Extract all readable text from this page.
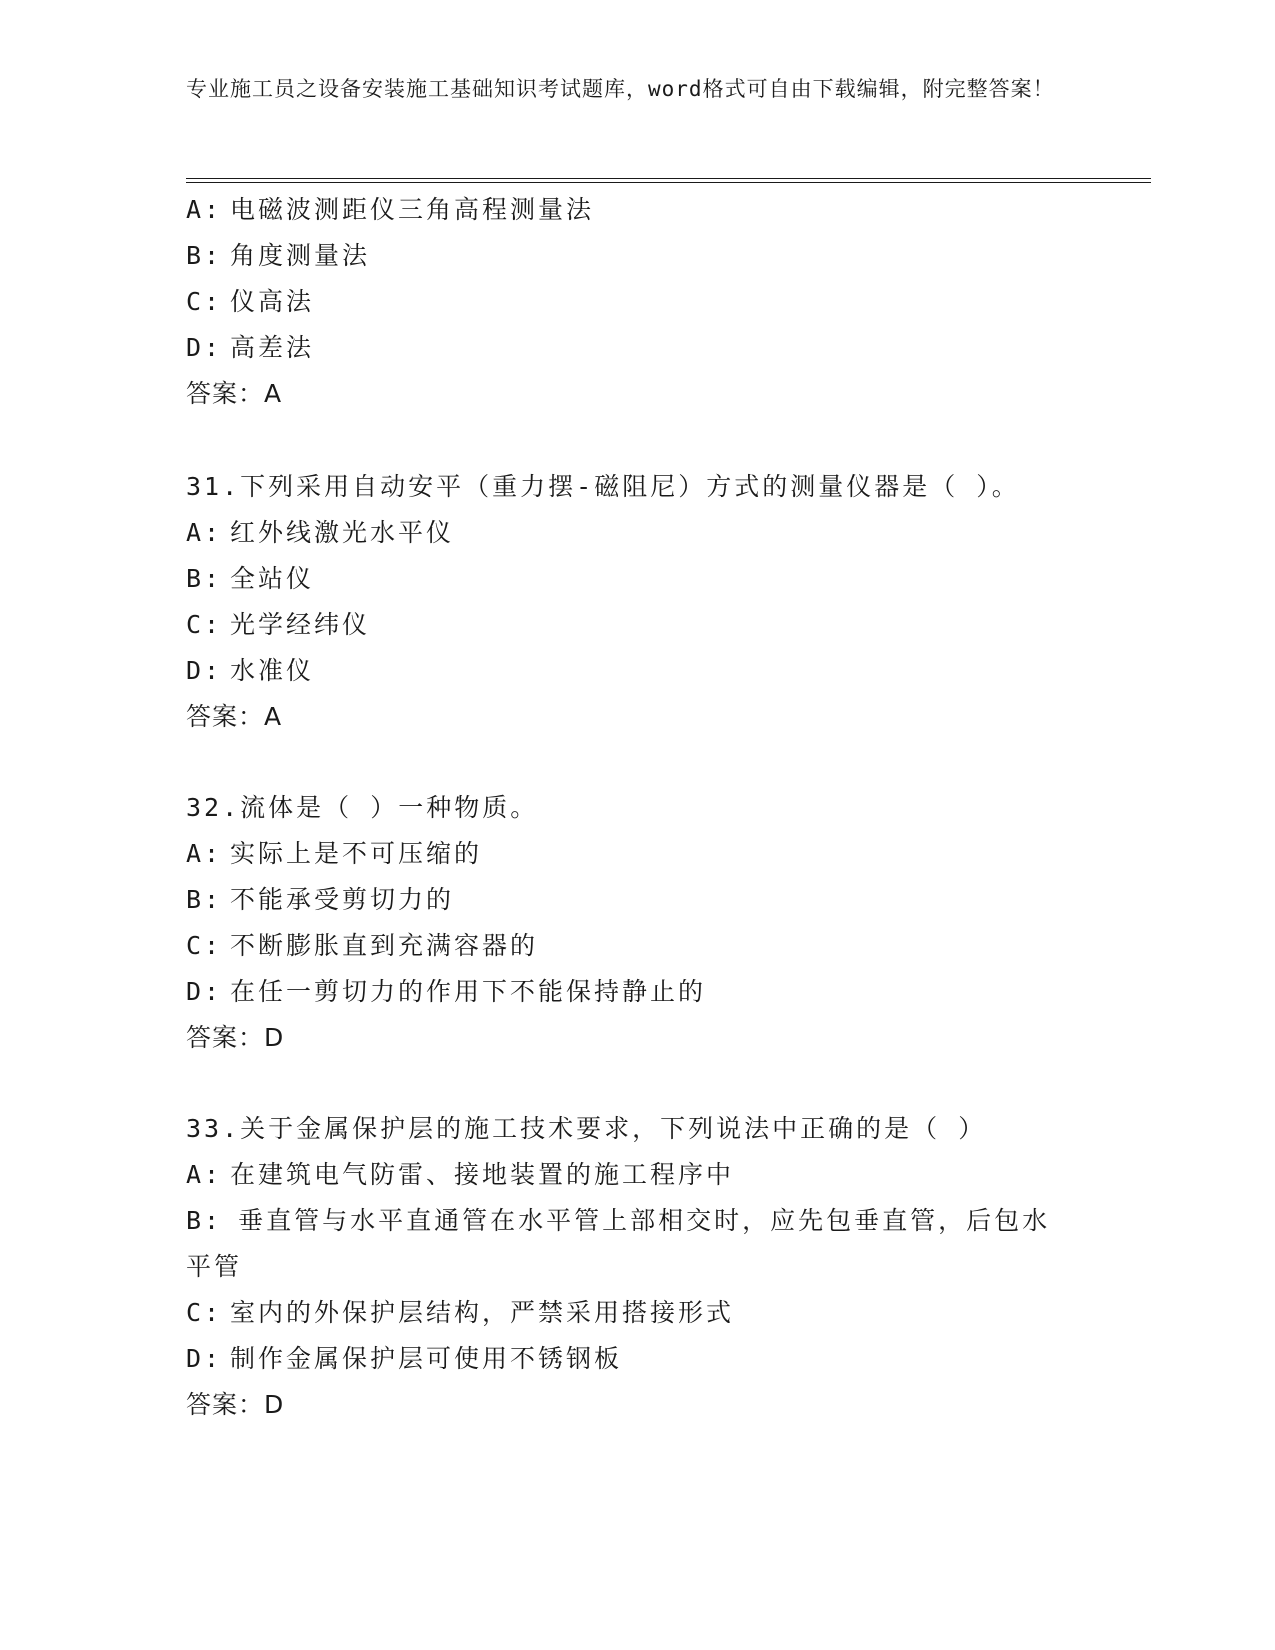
专业施工员之设备安装施工基础知识考试题库，word格式可自由下载编辑，附完整答案！
A: 电磁波测距仪三角高程测量法
B: 角度测量法
C: 仪高法
D: 高差法
答案：A
31.下列采用自动安平（重力摆-磁阻尼）方式的测量仪器是（ ）。
A: 红外线激光水平仪
B: 全站仪
C: 光学经纬仪
D: 水准仪
答案：A
32.流体是（ ）一种物质。
A: 实际上是不可压缩的
B: 不能承受剪切力的
C: 不断膨胀直到充满容器的
D: 在任一剪切力的作用下不能保持静止的
答案：D
33.关于金属保护层的施工技术要求，下列说法中正确的是（ ）
A: 在建筑电气防雷、接地装置的施工程序中
B: 垂直管与水平直通管在水平管上部相交时，应先包垂直管，后包水平管
C: 室内的外保护层结构，严禁采用搭接形式
D: 制作金属保护层可使用不锈钢板
答案：D
